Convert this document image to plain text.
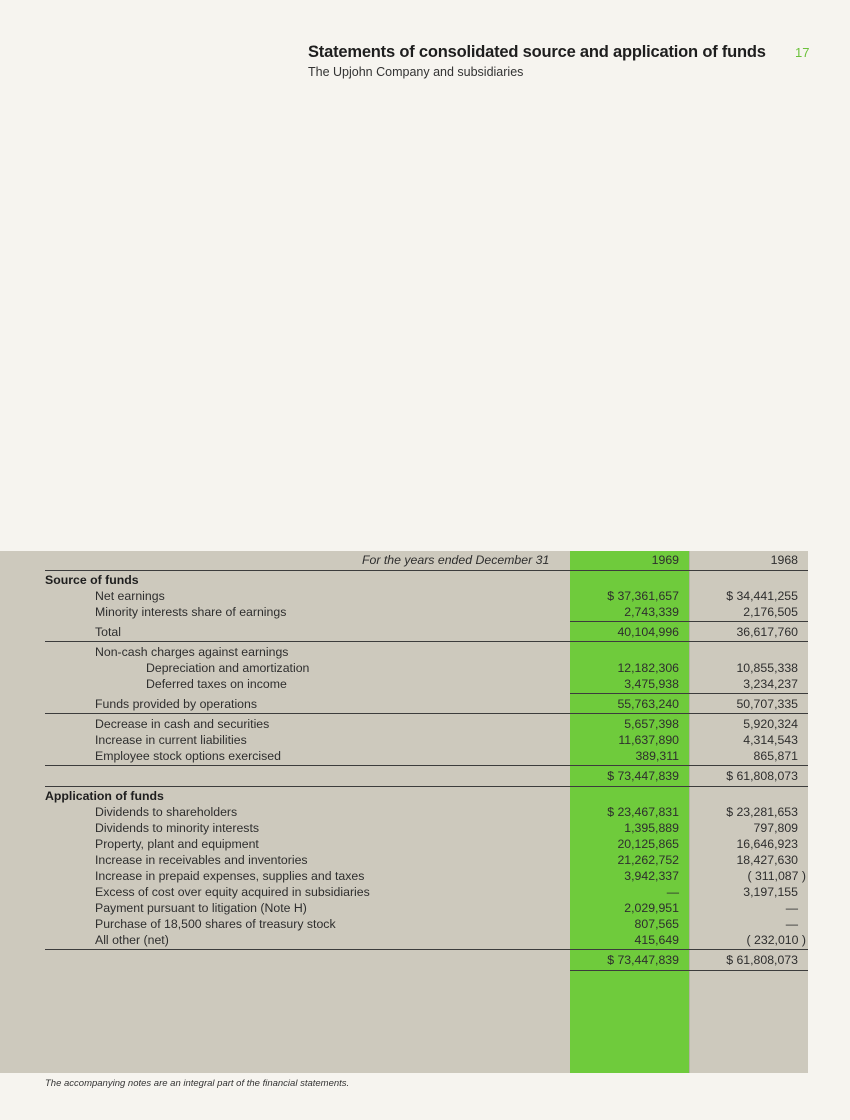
Statements of consolidated source and application of funds
The Upjohn Company and subsidiaries
17
For the years ended December 31	1969	1968
Source of funds
Net earnings	$ 37,361,657	$ 34,441,255
Minority interests share of earnings	2,743,339	2,176,505
Total	40,104,996	36,617,760
Non-cash charges against earnings
Depreciation and amortization	12,182,306	10,855,338
Deferred taxes on income	3,475,938	3,234,237
Funds provided by operations	55,763,240	50,707,335
Decrease in cash and securities	5,657,398	5,920,324
Increase in current liabilities	11,637,890	4,314,543
Employee stock options exercised	389,311	865,871
$ 73,447,839	$ 61,808,073
Application of funds
Dividends to shareholders	$ 23,467,831	$ 23,281,653
Dividends to minority interests	1,395,889	797,809
Property, plant and equipment	20,125,865	16,646,923
Increase in receivables and inventories	21,262,752	18,427,630
Increase in prepaid expenses, supplies and taxes	3,942,337	( 311,087 )
Excess of cost over equity acquired in subsidiaries	—	3,197,155
Payment pursuant to litigation (Note H)	2,029,951	—
Purchase of 18,500 shares of treasury stock	807,565	—
All other (net)	415,649	( 232,010 )
$ 73,447,839	$ 61,808,073
The accompanying notes are an integral part of the financial statements.
